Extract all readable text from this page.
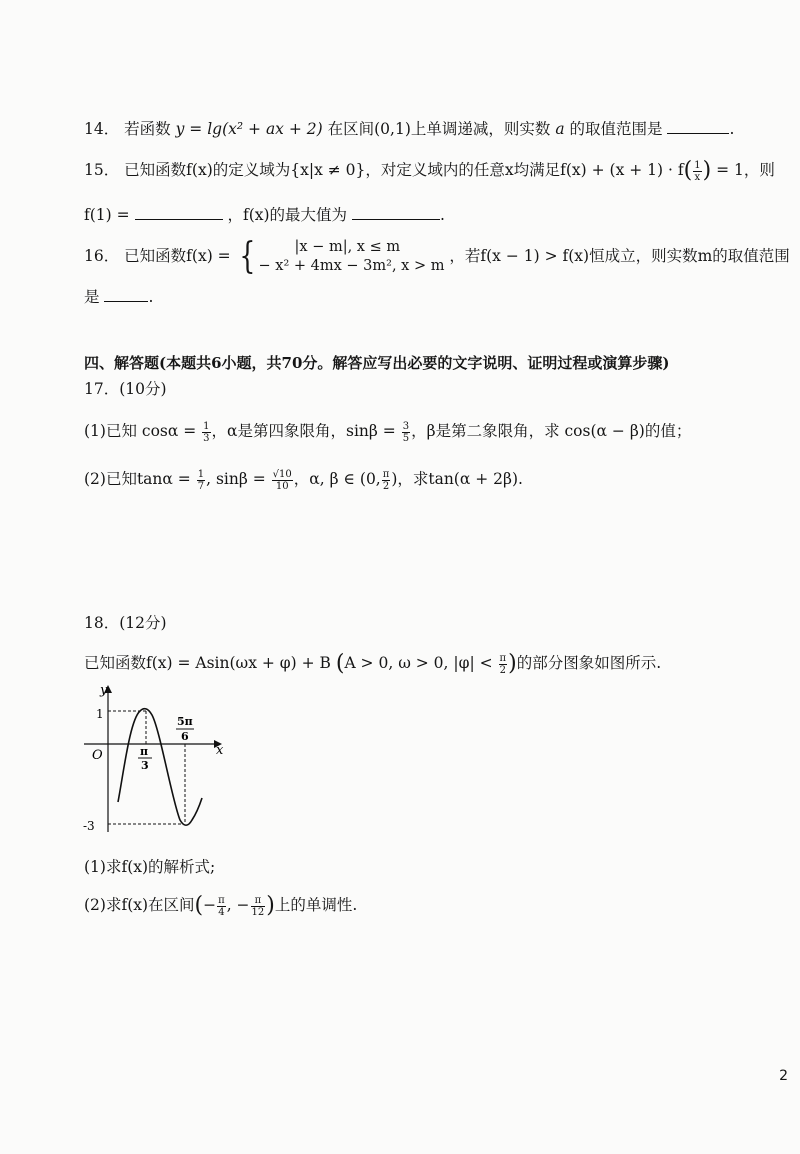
14． 若函数 y = lg(x² + ax + 2) 在区间(0,1)上单调递减，则实数 a 的取值范围是	.
15． 已知函数f(x)的定义域为{x|x ≠ 0}，对定义域内的任意x均满足$f(x) + (x + 1) \cdot f( \frac{1}{x}$ ) = 1，则
f(1) =	，f(x)的最大值为	.
16． 已知函数f(x) = {	|x − m|, x ≤ m
− x² + 4mx − 3m², x > m
，若f(x − 1) > f(x)恒成立，则实数m的取值范围
是	.
四、解答题(本题共6小题，共70分。解答应写出必要的文字说明、证明过程或演算步骤)
17．(10分)
(1)已知 $\cos\alpha = \frac{1}{3}$ ，α是第四象限角，$\sin\beta = \frac{3}{5}$ ，β是第二象限角，求 cos(α − β)的值；
(2)已知$\tan\alpha = \frac{1}{7}$ , $\sin\beta = \frac{√10}{10}$ ，α, β ∈ (0, $\frac{\pi}{2}$ )，求tan(α + 2β).
18．(12分)
已知函数f(x) = Asin(ωx + φ) + B (A > 0, ω > 0, $|\varphi| < \frac{\pi}{2}$ )的部分图象如图所示.
y
x
O
1
-3
π
3
5π
6
(1)求f(x)的解析式;
(2)求f(x)在区间(− $\frac{\pi}{4}$ , − $\frac{\pi}{12}$ )上的单调性.
2
